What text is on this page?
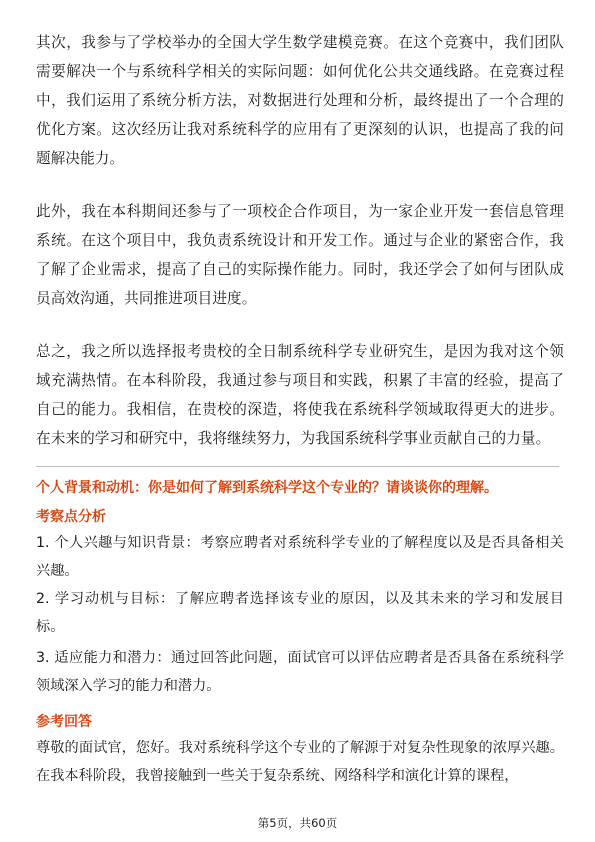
其次，我参与了学校举办的全国大学生数学建模竞赛。在这个竞赛中，我们团队需要解决一个与系统科学相关的实际问题：如何优化公共交通线路。在竞赛过程中，我们运用了系统分析方法，对数据进行处理和分析，最终提出了一个合理的优化方案。这次经历让我对系统科学的应用有了更深刻的认识，也提高了我的问题解决能力。

此外，我在本科期间还参与了一项校企合作项目，为一家企业开发一套信息管理系统。在这个项目中，我负责系统设计和开发工作。通过与企业的紧密合作，我了解了企业需求，提高了自己的实际操作能力。同时，我还学会了如何与团队成员高效沟通，共同推进项目进度。

总之，我之所以选择报考贵校的全日制系统科学专业研究生，是因为我对这个领域充满热情。在本科阶段，我通过参与项目和实践，积累了丰富的经验，提高了自己的能力。我相信，在贵校的深造，将使我在系统科学领域取得更大的进步。在未来的学习和研究中，我将继续努力，为我国系统科学事业贡献自己的力量。

个人背景和动机：你是如何了解到系统科学这个专业的？请谈谈你的理解。

考察点分析

1. 个人兴趣与知识背景：考察应聘者对系统科学专业的了解程度以及是否具备相关兴趣。

2. 学习动机与目标：了解应聘者选择该专业的原因，以及其未来的学习和发展目标。

3. 适应能力和潜力：通过回答此问题，面试官可以评估应聘者是否具备在系统科学领域深入学习的能力和潜力。

参考回答

尊敬的面试官，您好。我对系统科学这个专业的了解源于对复杂性现象的浓厚兴趣。在我本科阶段，我曾接触到一些关于复杂系统、网络科学和演化计算的课程，

第5页，共60页
